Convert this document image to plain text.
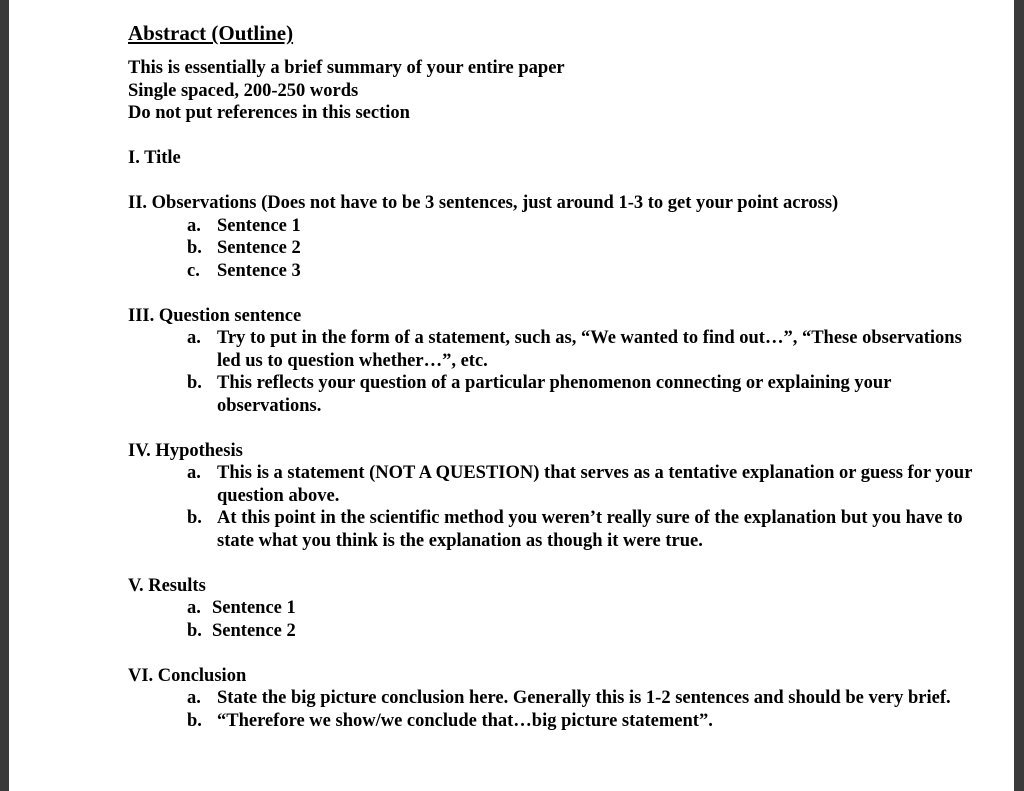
Abstract (Outline)

This is essentially a brief summary of your entire paper

Single spaced, 200-250 words

Do not put references in this section

I. Title

II. Observations (Does not have to be 3 sentences, just around 1-3 to get your point across)

a. Sentence 1
b. Sentence 2
c. Sentence 3

III. Question sentence

a. Try to put in the form of a statement, such as, “We wanted to find out…”, “These observations led us to question whether…”, etc.
b. This reflects your question of a particular phenomenon connecting or explaining your observations.

IV. Hypothesis

a. This is a statement (NOT A QUESTION) that serves as a tentative explanation or guess for your question above.
b. At this point in the scientific method you weren’t really sure of the explanation but you have to state what you think is the explanation as though it were true.

V. Results

a. Sentence 1
b. Sentence 2

VI. Conclusion

a. State the big picture conclusion here. Generally this is 1-2 sentences and should be very brief.
b. “Therefore we show/we conclude that…big picture statement”.
